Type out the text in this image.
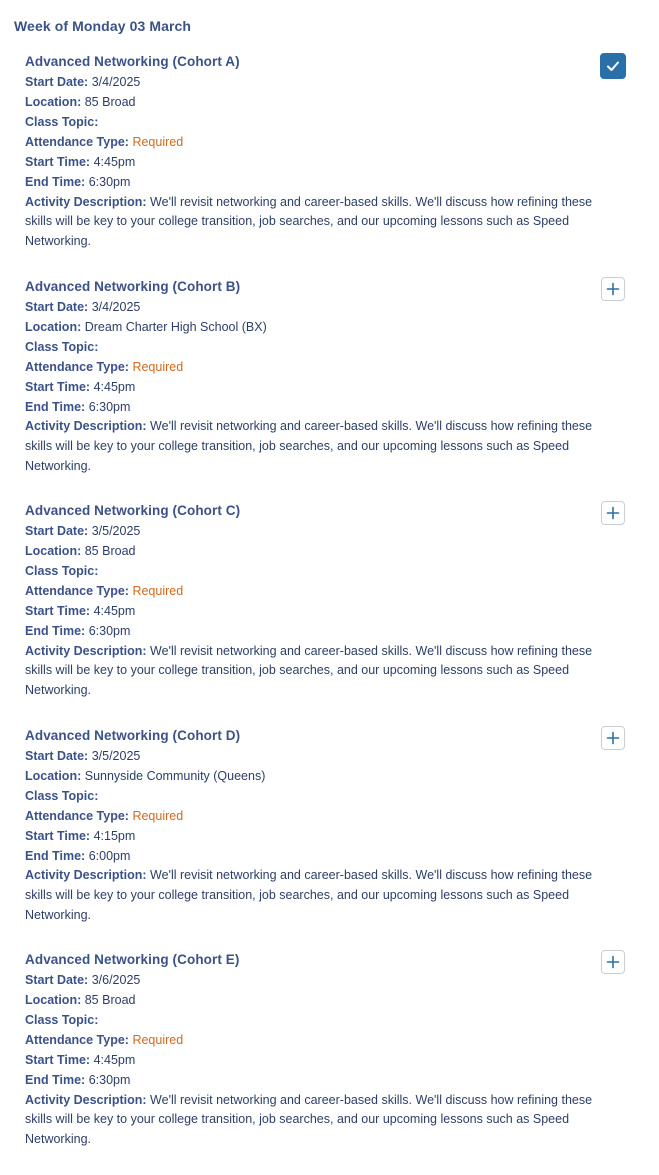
Week of Monday 03 March
Advanced Networking (Cohort A)
Start Date: 3/4/2025
Location: 85 Broad
Class Topic:
Attendance Type: Required
Start Time: 4:45pm
End Time: 6:30pm
Activity Description: We'll revisit networking and career-based skills. We'll discuss how refining these skills will be key to your college transition, job searches, and our upcoming lessons such as Speed Networking.
Advanced Networking (Cohort B)
Start Date: 3/4/2025
Location: Dream Charter High School (BX)
Class Topic:
Attendance Type: Required
Start Time: 4:45pm
End Time: 6:30pm
Activity Description: We'll revisit networking and career-based skills. We'll discuss how refining these skills will be key to your college transition, job searches, and our upcoming lessons such as Speed Networking.
Advanced Networking (Cohort C)
Start Date: 3/5/2025
Location: 85 Broad
Class Topic:
Attendance Type: Required
Start Time: 4:45pm
End Time: 6:30pm
Activity Description: We'll revisit networking and career-based skills. We'll discuss how refining these skills will be key to your college transition, job searches, and our upcoming lessons such as Speed Networking.
Advanced Networking (Cohort D)
Start Date: 3/5/2025
Location: Sunnyside Community (Queens)
Class Topic:
Attendance Type: Required
Start Time: 4:15pm
End Time: 6:00pm
Activity Description: We'll revisit networking and career-based skills. We'll discuss how refining these skills will be key to your college transition, job searches, and our upcoming lessons such as Speed Networking.
Advanced Networking (Cohort E)
Start Date: 3/6/2025
Location: 85 Broad
Class Topic:
Attendance Type: Required
Start Time: 4:45pm
End Time: 6:30pm
Activity Description: We'll revisit networking and career-based skills. We'll discuss how refining these skills will be key to your college transition, job searches, and our upcoming lessons such as Speed Networking.
